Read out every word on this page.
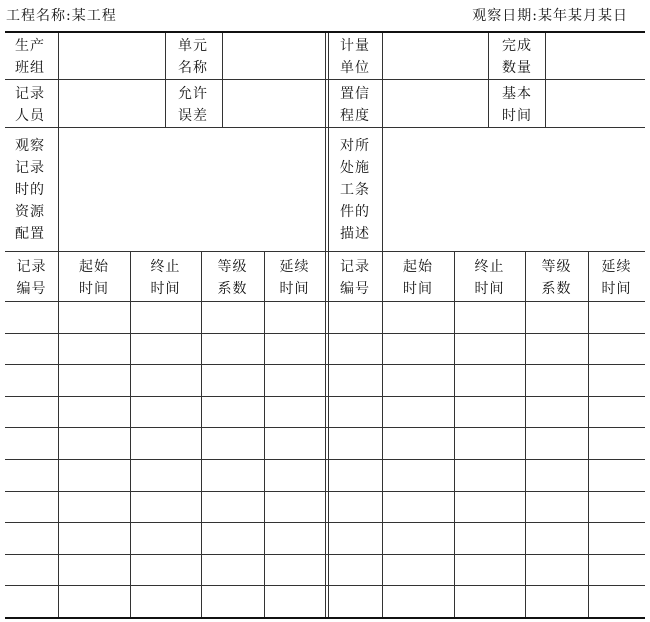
工程名称:某工程	观察日期:某年某月某日
生产
班组
单元
名称
计量
单位
完成
数量
记录
人员
允许
误差
置信
程度
基本
时间
观察
记录
时的
资源
配置
对所
处施
工条
件的
描述
记录
编号
记录
编号
起始
时间
起始
时间
终止
时间
终止
时间
等级
系数
等级
系数
延续
时间
延续
时间
